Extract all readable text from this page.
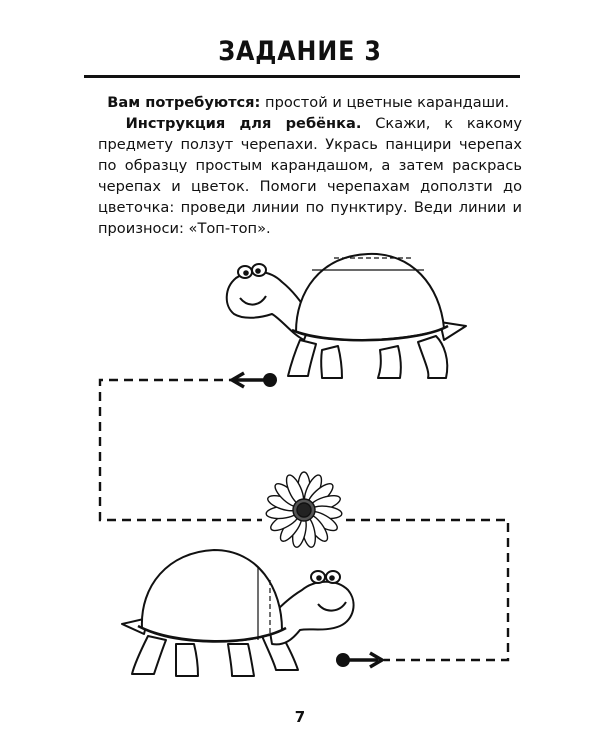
ЗАДАНИЕ 3

Вам потребуются: простой и цветные карандаши.

Инструкция для ребёнка. Скажи, к какому предмету ползут черепахи. Укрась панцири черепах по образцу простым карандашом, а затем раскрась черепах и цветок. Помоги черепахам доползти до цветочка: проведи линии по пунктиру. Веди линии и произноси: «Топ-топ».

7
